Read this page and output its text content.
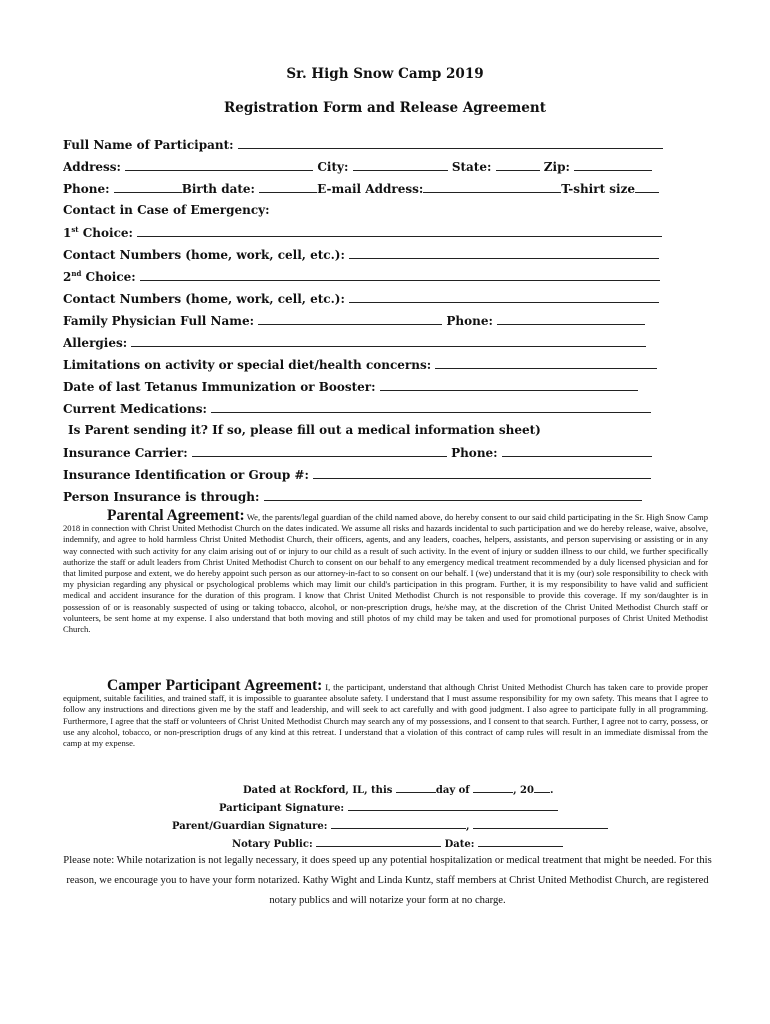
Sr. High Snow Camp 2019
Registration Form and Release Agreement
Full Name of Participant:
Address:	City:	State:	Zip:
Phone:	Birth date:	E-mail Address:	T-shirt size
Contact in Case of Emergency:
1st Choice:
Contact Numbers (home, work, cell, etc.):
2nd Choice:
Contact Numbers (home, work, cell, etc.):
Family Physician Full Name:	Phone:
Allergies:
Limitations on activity or special diet/health concerns:
Date of last Tetanus Immunization or Booster:
Current Medications:
Is Parent sending it? If so, please fill out a medical information sheet)
Insurance Carrier:	Phone:
Insurance Identification or Group #:
Person Insurance is through:
Parental Agreement: We, the parents/legal guardian of the child named above, do hereby consent to our said child participating in the Sr. High Snow Camp 2018 in connection with Christ United Methodist Church on the dates indicated. We assume all risks and hazards incidental to such participation and we do hereby release, waive, absolve, indemnify, and agree to hold harmless Christ United Methodist Church, their officers, agents, and any leaders, coaches, helpers, assistants, and person supervising or assisting or in any way connected with such activity for any claim arising out of or injury to our child as a result of such activity. In the event of injury or sudden illness to our child, we further specifically authorize the staff or adult leaders from Christ United Methodist Church to consent on our behalf to any emergency medical treatment recommended by a duly licensed physician and for that limited purpose and extent, we do hereby appoint such person as our attorney-in-fact to so consent on our behalf. I (we) understand that it is my (our) sole responsibility to check with my physician regarding any physical or psychological problems which may limit our child's participation in this program. Further, it is my responsibility to have valid and sufficient medical and accident insurance for the duration of this program. I know that Christ United Methodist Church is not responsible to provide this coverage. If my son/daughter is in possession of or is reasonably suspected of using or taking tobacco, alcohol, or non-prescription drugs, he/she may, at the discretion of the Christ United Methodist Church staff or volunteers, be sent home at my expense. I also understand that both moving and still photos of my child may be taken and used for promotional purposes of Christ United Methodist Church.
Camper Participant Agreement: I, the participant, understand that although Christ United Methodist Church has taken care to provide proper equipment, suitable facilities, and trained staff, it is impossible to guarantee absolute safety. I understand that I must assume responsibility for my own safety. This means that I agree to follow any instructions and directions given me by the staff and leadership, and will seek to act carefully and with good judgment. I also agree to participate fully in all programming. Furthermore, I agree that the staff or volunteers of Christ United Methodist Church may search any of my possessions, and I consent to that search. Further, I agree not to carry, possess, or use any alcohol, tobacco, or non-prescription drugs of any kind at this retreat. I understand that a violation of this contract of camp rules will result in an immediate dismissal from the camp at my expense.
Dated at Rockford, IL, this	day of	, 20 .
Participant Signature:
Parent/Guardian Signature:	,
Notary Public:	Date:
Please note: While notarization is not legally necessary, it does speed up any potential hospitalization or medical treatment that might be needed. For this reason, we encourage you to have your form notarized. Kathy Wight and Linda Kuntz, staff members at Christ United Methodist Church, are registered notary publics and will notarize your form at no charge.
